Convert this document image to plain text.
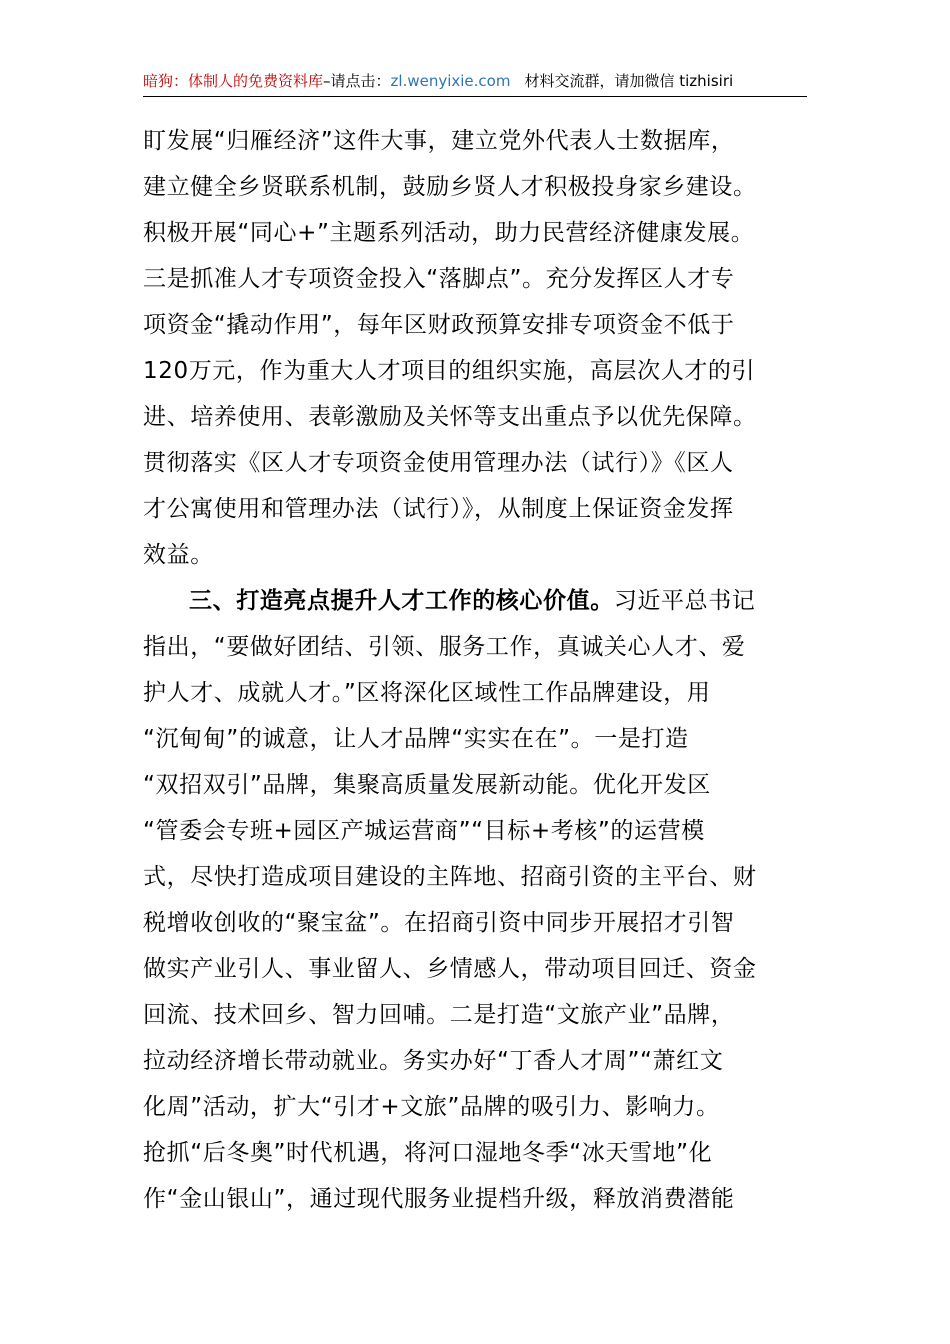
暗狗：体制人的免费资料库–请点击：zl.wenyixie.com 材料交流群，请加微信 tizhisiri
盯发展“归雁经济”这件大事，建立党外代表人士数据库，
建立健全乡贤联系机制，鼓励乡贤人才积极投身家乡建设。
积极开展“同心+”主题系列活动，助力民营经济健康发展。
三是抓准人才专项资金投入“落脚点”。充分发挥区人才专
项资金“撬动作用”，每年区财政预算安排专项资金不低于
120万元，作为重大人才项目的组织实施，高层次人才的引
进、培养使用、表彰激励及关怀等支出重点予以优先保障。
贯彻落实《区人才专项资金使用管理办法（试行）》《区人
才公寓使用和管理办法（试行）》，从制度上保证资金发挥
效益。
三、打造亮点提升人才工作的核心价值。习近平总书记
指出，“要做好团结、引领、服务工作，真诚关心人才、爱
护人才、成就人才。”区将深化区域性工作品牌建设，用
“沉甸甸”的诚意，让人才品牌“实实在在”。一是打造
“双招双引”品牌，集聚高质量发展新动能。优化开发区
“管委会专班+园区产城运营商”“目标+考核”的运营模
式，尽快打造成项目建设的主阵地、招商引资的主平台、财
税增收创收的“聚宝盆”。在招商引资中同步开展招才引智
做实产业引人、事业留人、乡情感人，带动项目回迁、资金
回流、技术回乡、智力回哺。二是打造“文旅产业”品牌，
拉动经济增长带动就业。务实办好“丁香人才周”“萧红文
化周”活动，扩大“引才+文旅”品牌的吸引力、影响力。
抢抓“后冬奥”时代机遇，将河口湿地冬季“冰天雪地”化
作“金山银山”，通过现代服务业提档升级，释放消费潜能
